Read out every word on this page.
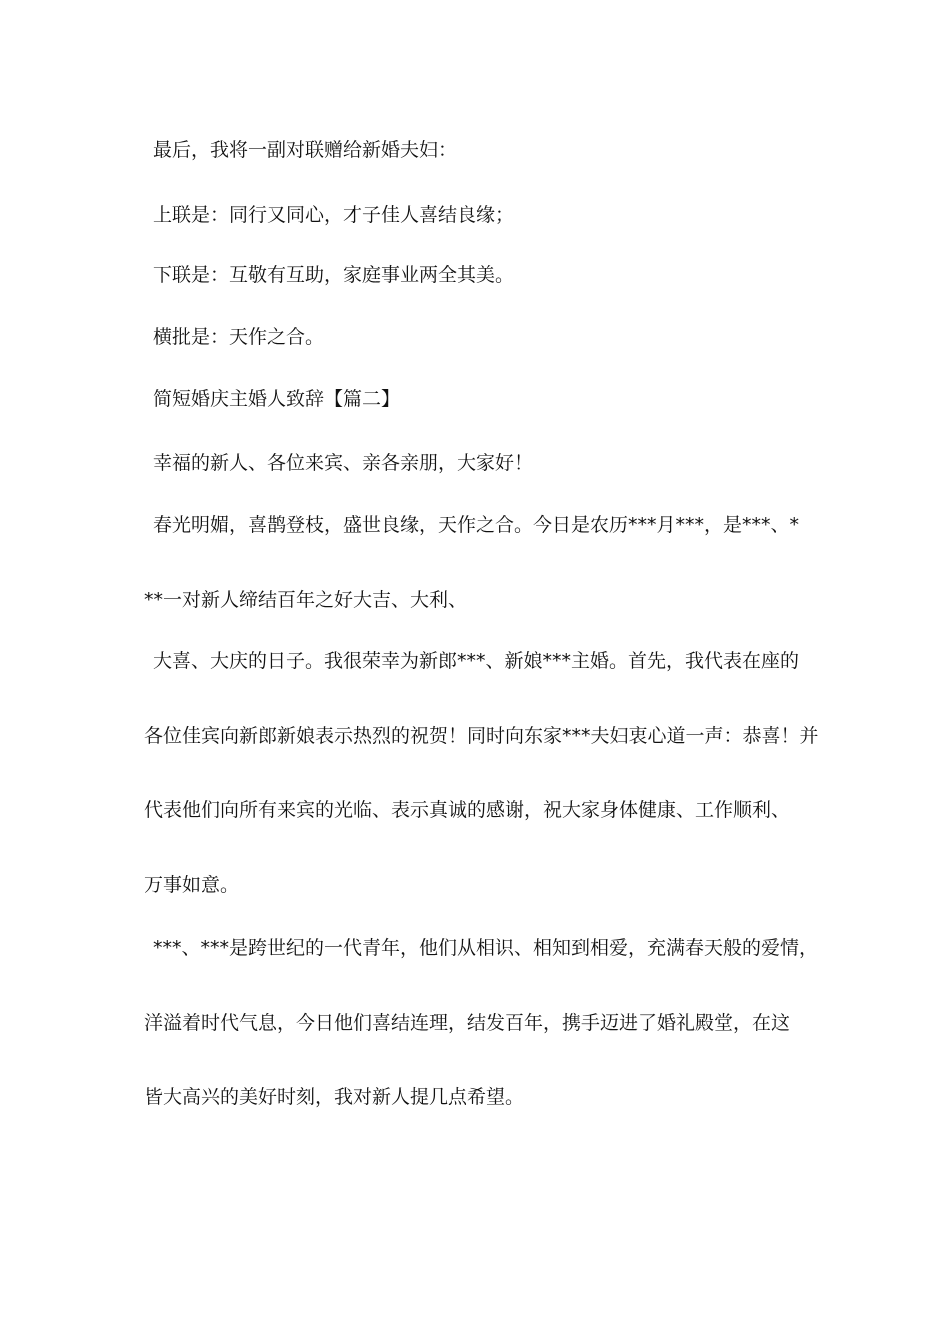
最后，我将一副对联赠给新婚夫妇：
上联是：同行又同心，才子佳人喜结良缘；
下联是：互敬有互助，家庭事业两全其美。
横批是：天作之合。
简短婚庆主婚人致辞【篇二】
幸福的新人、各位来宾、亲各亲朋，大家好！
春光明媚，喜鹊登枝，盛世良缘，天作之合。今日是农历***月***，是***、*
**一对新人缔结百年之好大吉、大利、
大喜、大庆的日子。我很荣幸为新郎***、新娘***主婚。首先，我代表在座的
各位佳宾向新郎新娘表示热烈的祝贺！同时向东家***夫妇衷心道一声：恭喜！并
代表他们向所有来宾的光临、表示真诚的感谢，祝大家身体健康、工作顺利、
万事如意。
***、***是跨世纪的一代青年，他们从相识、相知到相爱，充满春天般的爱情，
洋溢着时代气息，今日他们喜结连理，结发百年，携手迈进了婚礼殿堂，在这
皆大高兴的美好时刻，我对新人提几点希望。
